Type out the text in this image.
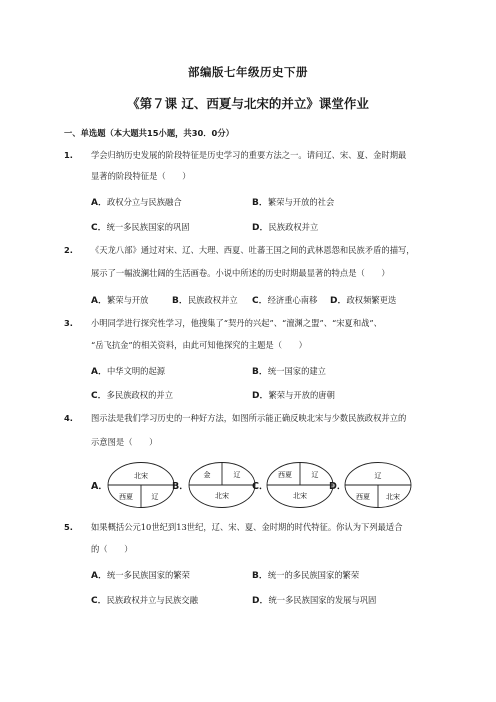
部编版七年级历史下册
《第７课 辽、西夏与北宋的并立》课堂作业
一、单选题（本大题共15小题，共30．0分）
1. 学会归纳历史发展的阶段特征是历史学习的重要方法之一。请问辽、宋、夏、金时期最
显著的阶段特征是（　　）
A．政权分立与民族融合	B．繁荣与开放的社会
C．统一多民族国家的巩固	D．民族政权并立
2. 《天龙八部》通过对宋、辽、大理、西夏、吐蕃王国之间的武林恩怨和民族矛盾的描写，
展示了一幅波澜壮阔的生活画卷。小说中所述的历史时期最显著的特点是（　　）
A．繁荣与开放	B．民族政权并立 C．经济重心南移 D．政权频繁更迭
3. 小明同学进行探究性学习，他搜集了“契丹的兴起”、“澶渊之盟”、“宋夏和战”、
“岳飞抗金”的相关资料，由此可知他探究的主题是（　　）
A．中华文明的起源	B．统一国家的建立
C．多民族政权的并立	D．繁荣与开放的唐朝
4. 图示法是我们学习历史的一种好方法，如图所示能正确反映北宋与少数民族政权并立的
示意图是（　　）
A．
北宋
西夏	辽
B．
金	辽
北宋
C．
西夏	辽
北宋
D．
辽
西夏 北宋
5. 如果概括公元10世纪到13世纪，辽、宋、夏、金时期的时代特征。你认为下列最适合
的（　　）
A．统一多民族国家的繁荣	B．统一的多民族国家的繁荣
C．民族政权并立与民族交融	D．统一多民族国家的发展与巩固
